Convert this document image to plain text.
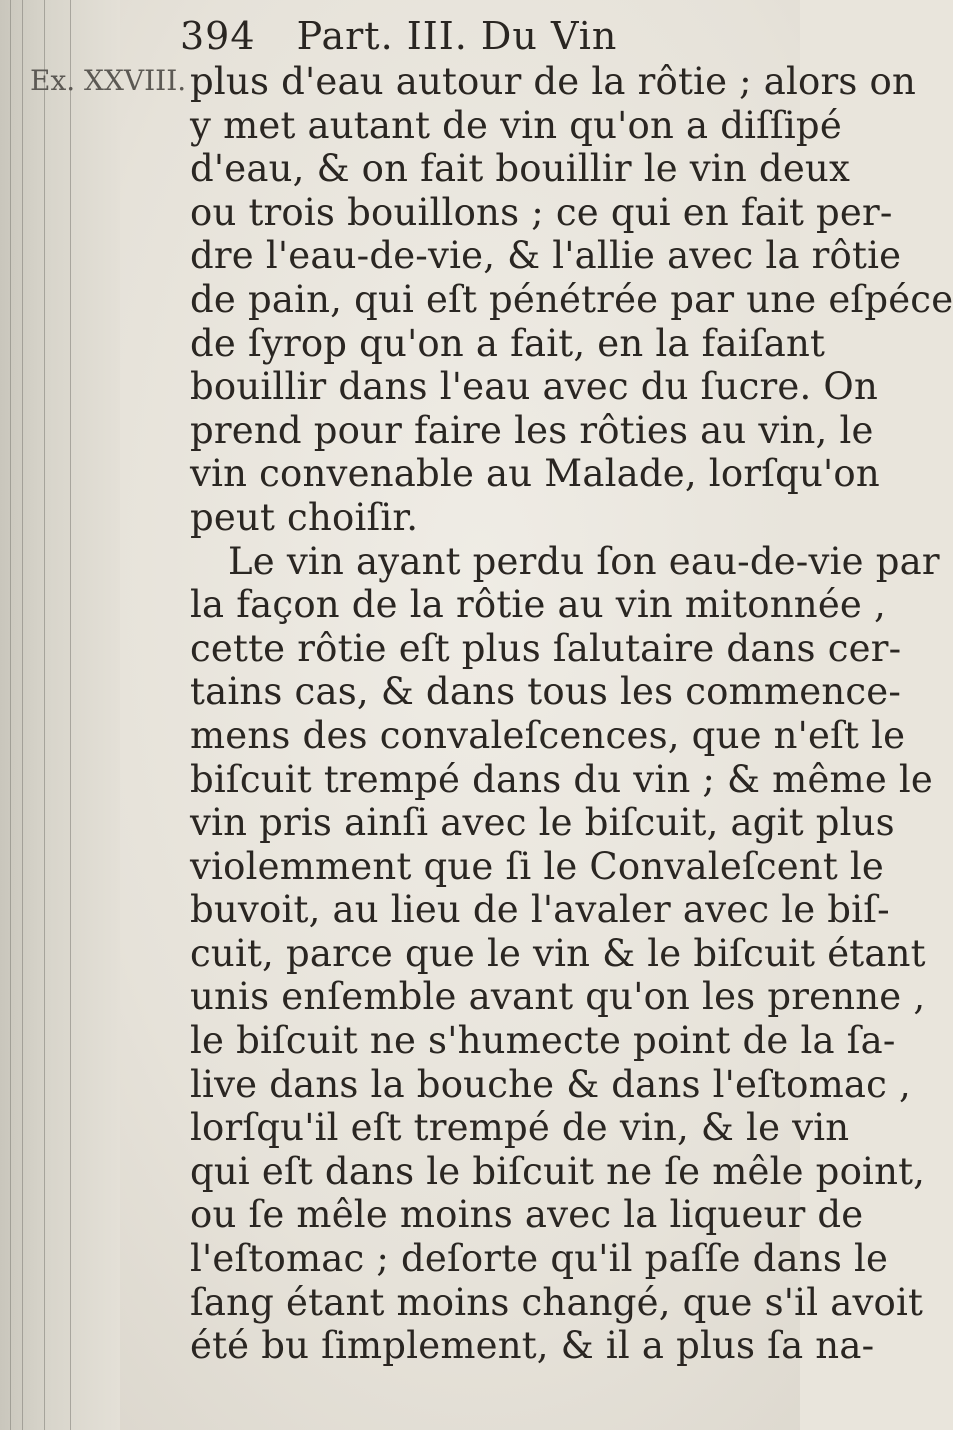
394 Part. III. Du Vin
Ex. XXVIII. plus d'eau autour de la rôtie ; alors on
y met autant de vin qu'on a diſſipé
d'eau, & on fait bouillir le vin deux
ou trois bouillons ; ce qui en fait per-
dre l'eau-de-vie, & l'allie avec la rôtie
de pain, qui eſt pénétrée par une eſpéce
de ſyrop qu'on a fait, en la faiſant
bouillir dans l'eau avec du ſucre. On
prend pour faire les rôties au vin, le
vin convenable au Malade, lorſqu'on
peut choiſir.
Le vin ayant perdu ſon eau-de-vie par
la façon de la rôtie au vin mitonnée ,
cette rôtie eſt plus ſalutaire dans cer-
tains cas, & dans tous les commence-
mens des convaleſcences, que n'eſt le
biſcuit trempé dans du vin ; & même le
vin pris ainſi avec le biſcuit, agit plus
violemment que ſi le Convaleſcent le
buvoit, au lieu de l'avaler avec le biſ-
cuit, parce que le vin & le biſcuit étant
unis enſemble avant qu'on les prenne ,
le biſcuit ne s'humecte point de la ſa-
live dans la bouche & dans l'eſtomac ,
lorſqu'il eſt trempé de vin, & le vin
qui eſt dans le biſcuit ne ſe mêle point,
ou ſe mêle moins avec la liqueur de
l'eſtomac ; deſorte qu'il paſſe dans le
ſang étant moins changé, que s'il avoit
été bu ſimplement, & il a plus ſa na-
